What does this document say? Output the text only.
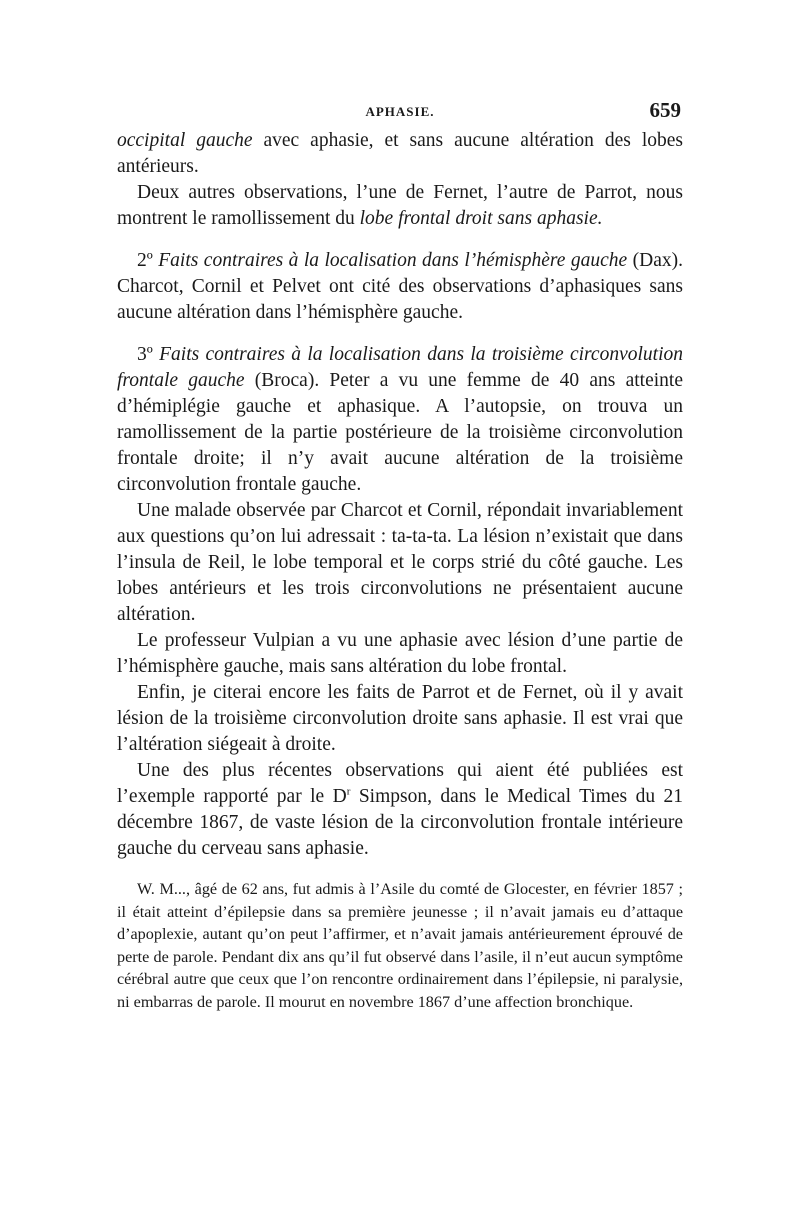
APHASIE.	659

occipital gauche avec aphasie, et sans aucune altération des lobes antérieurs.

Deux autres observations, l’une de Fernet, l’autre de Parrot, nous montrent le ramollissement du lobe frontal droit sans aphasie.

2º Faits contraires à la localisation dans l’hémisphère gauche (Dax). Charcot, Cornil et Pelvet ont cité des observations d’aphasiques sans aucune altération dans l’hémisphère gauche.

3º Faits contraires à la localisation dans la troisième circonvolution frontale gauche (Broca). Peter a vu une femme de 40 ans atteinte d’hémiplégie gauche et aphasique. A l’autopsie, on trouva un ramollissement de la partie postérieure de la troisième circonvolution frontale droite; il n’y avait aucune altération de la troisième circonvolution frontale gauche.

Une malade observée par Charcot et Cornil, répondait invariablement aux questions qu’on lui adressait : ta-ta-ta. La lésion n’existait que dans l’insula de Reil, le lobe temporal et le corps strié du côté gauche. Les lobes antérieurs et les trois circonvolutions ne présentaient aucune altération.

Le professeur Vulpian a vu une aphasie avec lésion d’une partie de l’hémisphère gauche, mais sans altération du lobe frontal.

Enfin, je citerai encore les faits de Parrot et de Fernet, où il y avait lésion de la troisième circonvolution droite sans aphasie. Il est vrai que l’altération siégeait à droite.

Une des plus récentes observations qui aient été publiées est l’exemple rapporté par le $D^r$ Simpson, dans le Medical Times du 21 décembre 1867, de vaste lésion de la circonvolution frontale intérieure gauche du cerveau sans aphasie.

W. M..., âgé de 62 ans, fut admis à l’Asile du comté de Glocester, en février 1857 ; il était atteint d’épilepsie dans sa première jeunesse ; il n’avait jamais eu d’attaque d’apoplexie, autant qu’on peut l’affirmer, et n’avait jamais antérieurement éprouvé de perte de parole. Pendant dix ans qu’il fut observé dans l’asile, il n’eut aucun symptôme cérébral autre que ceux que l’on rencontre ordinairement dans l’épilepsie, ni paralysie, ni embarras de parole. Il mourut en novembre 1867 d’une affection bronchique.
